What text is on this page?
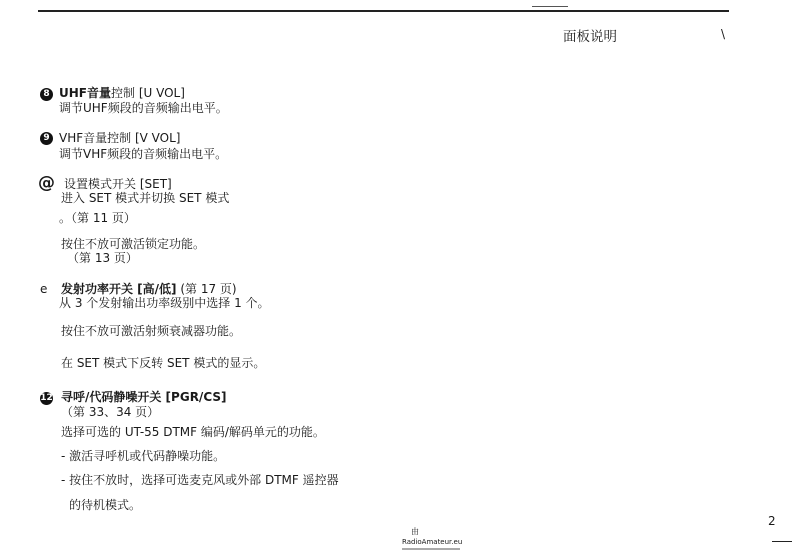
面板说明	\
8 UHF音量控制 [U VOL]
调节UHF频段的音频输出电平。
9 VHF音量控制 [V VOL]
调节VHF频段的音频输出电平。
@ 设置模式开关 [SET]
进入 SET 模式并切换 SET 模式
。（第 11 页）
按住不放可激活锁定功能。
（第 13 页）
e 发射功率开关 [高/低] (第 17 页)
从 3 个发射输出功率级别中选择 1 个。
按住不放可激活射频衰减器功能。
在 SET 模式下反转 SET 模式的显示。
12 寻呼/代码静噪开关 [PGR/CS]
（第 33、34 页）
选择可选的 UT-55 DTMF 编码/解码单元的功能。
- 激活寻呼机或代码静噪功能。
- 按住不放时，选择可选麦克风或外部 DTMF 遥控器
的待机模式。
2
由
RadioAmateur.eu
